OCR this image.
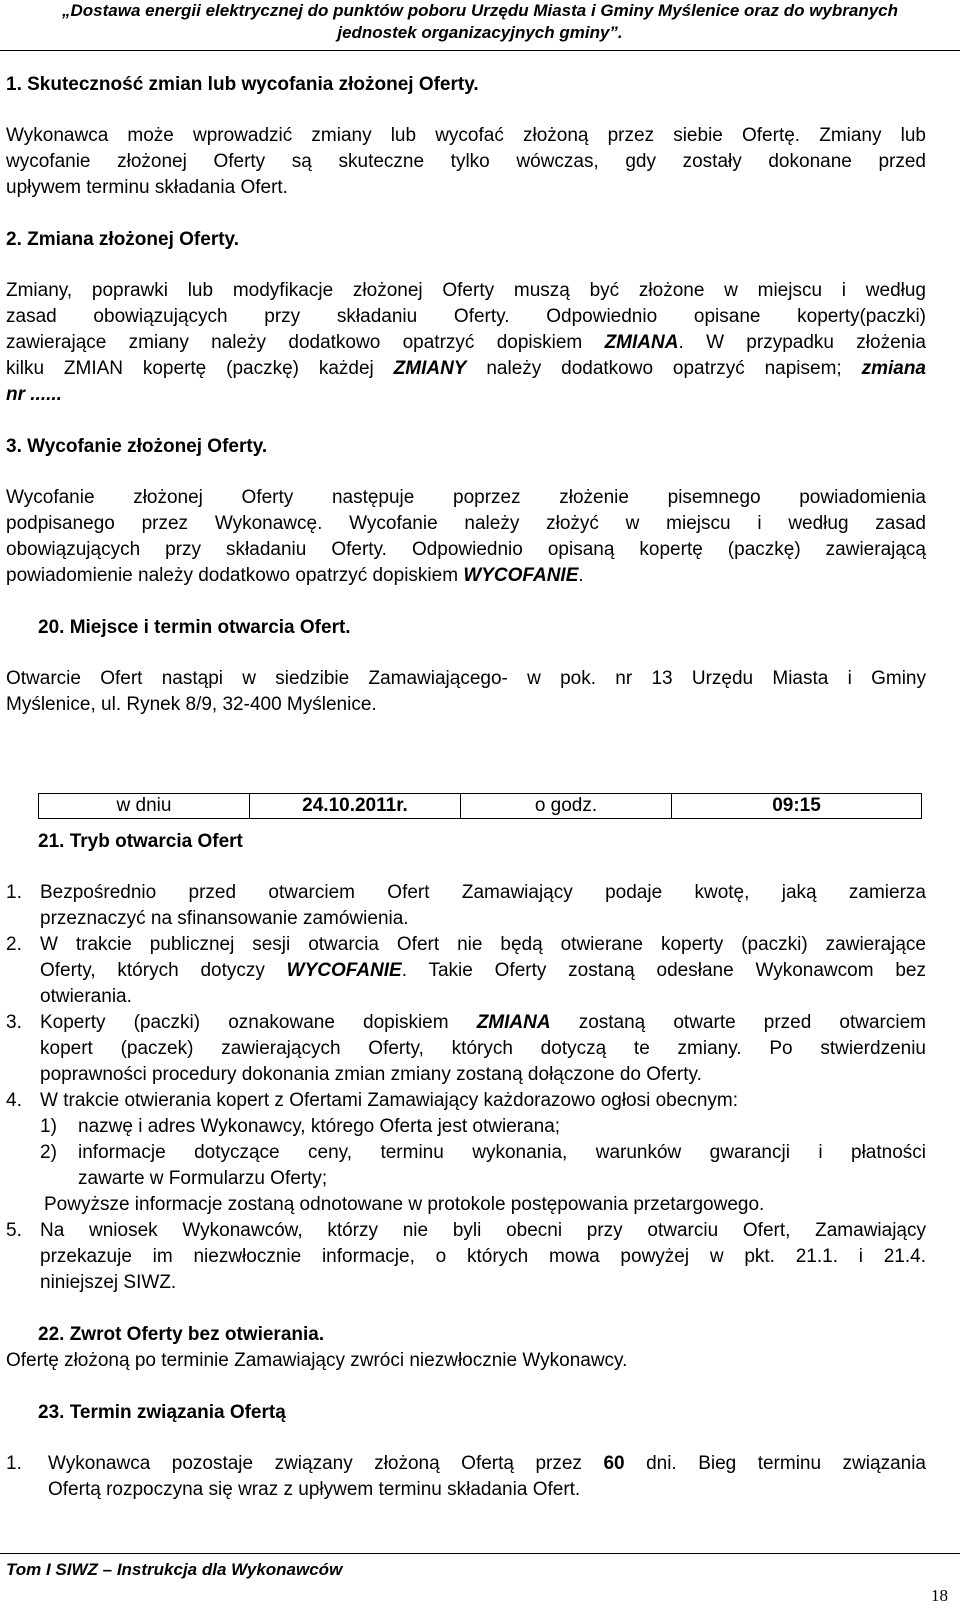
„Dostawa energii elektrycznej do punktów poboru Urzędu Miasta i Gminy Myślenice oraz do wybranych
jednostek organizacyjnych gminy”.
1. Skuteczność zmian lub wycofania złożonej Oferty.
Wykonawca może wprowadzić zmiany lub wycofać złożoną przez siebie Ofertę. Zmiany lub
wycofanie złożonej Oferty są skuteczne tylko wówczas, gdy zostały dokonane przed
upływem terminu składania Ofert.
2. Zmiana złożonej Oferty.
Zmiany, poprawki lub modyfikacje złożonej Oferty muszą być złożone w miejscu i według
zasad obowiązujących przy składaniu Oferty. Odpowiednio opisane koperty(paczki)
zawierające zmiany należy dodatkowo opatrzyć dopiskiem ZMIANA. W przypadku złożenia
kilku ZMIAN kopertę (paczkę) każdej ZMIANY należy dodatkowo opatrzyć napisem; zmiana
nr ......
3. Wycofanie złożonej Oferty.
Wycofanie złożonej Oferty następuje poprzez złożenie pisemnego powiadomienia
podpisanego przez Wykonawcę. Wycofanie należy złożyć w miejscu i według zasad
obowiązujących przy składaniu Oferty. Odpowiednio opisaną kopertę (paczkę) zawierającą
powiadomienie należy dodatkowo opatrzyć dopiskiem WYCOFANIE.
20. Miejsce i termin otwarcia Ofert.
Otwarcie Ofert nastąpi w siedzibie Zamawiającego- w pok. nr 13 Urzędu Miasta i Gminy
Myślenice, ul. Rynek 8/9, 32-400 Myślenice.
w dniu	24.10.2011r.	o godz.	09:15
21. Tryb otwarcia Ofert
1. Bezpośrednio przed otwarciem Ofert Zamawiający podaje kwotę, jaką zamierza
przeznaczyć na sfinansowanie zamówienia.
2. W trakcie publicznej sesji otwarcia Ofert nie będą otwierane koperty (paczki) zawierające
Oferty, których dotyczy WYCOFANIE. Takie Oferty zostaną odesłane Wykonawcom bez
otwierania.
3. Koperty (paczki) oznakowane dopiskiem ZMIANA zostaną otwarte przed otwarciem
kopert (paczek) zawierających Oferty, których dotyczą te zmiany. Po stwierdzeniu
poprawności procedury dokonania zmian zmiany zostaną dołączone do Oferty.
4. W trakcie otwierania kopert z Ofertami Zamawiający każdorazowo ogłosi obecnym:
1)	nazwę i adres Wykonawcy, którego Oferta jest otwierana;
2)	informacje dotyczące ceny, terminu wykonania, warunków gwarancji i płatności
zawarte w Formularzu Oferty;
Powyższe informacje zostaną odnotowane w protokole postępowania przetargowego.
5. Na wniosek Wykonawców, którzy nie byli obecni przy otwarciu Ofert, Zamawiający
przekazuje im niezwłocznie informacje, o których mowa powyżej w pkt. 21.1. i 21.4.
niniejszej SIWZ.
22. Zwrot Oferty bez otwierania.
Ofertę złożoną po terminie Zamawiający zwróci niezwłocznie Wykonawcy.
23. Termin związania Ofertą
1.	Wykonawca pozostaje związany złożoną Ofertą przez 60 dni. Bieg terminu związania
Ofertą rozpoczyna się wraz z upływem terminu składania Ofert.
Tom I SIWZ – Instrukcja dla Wykonawców
18
